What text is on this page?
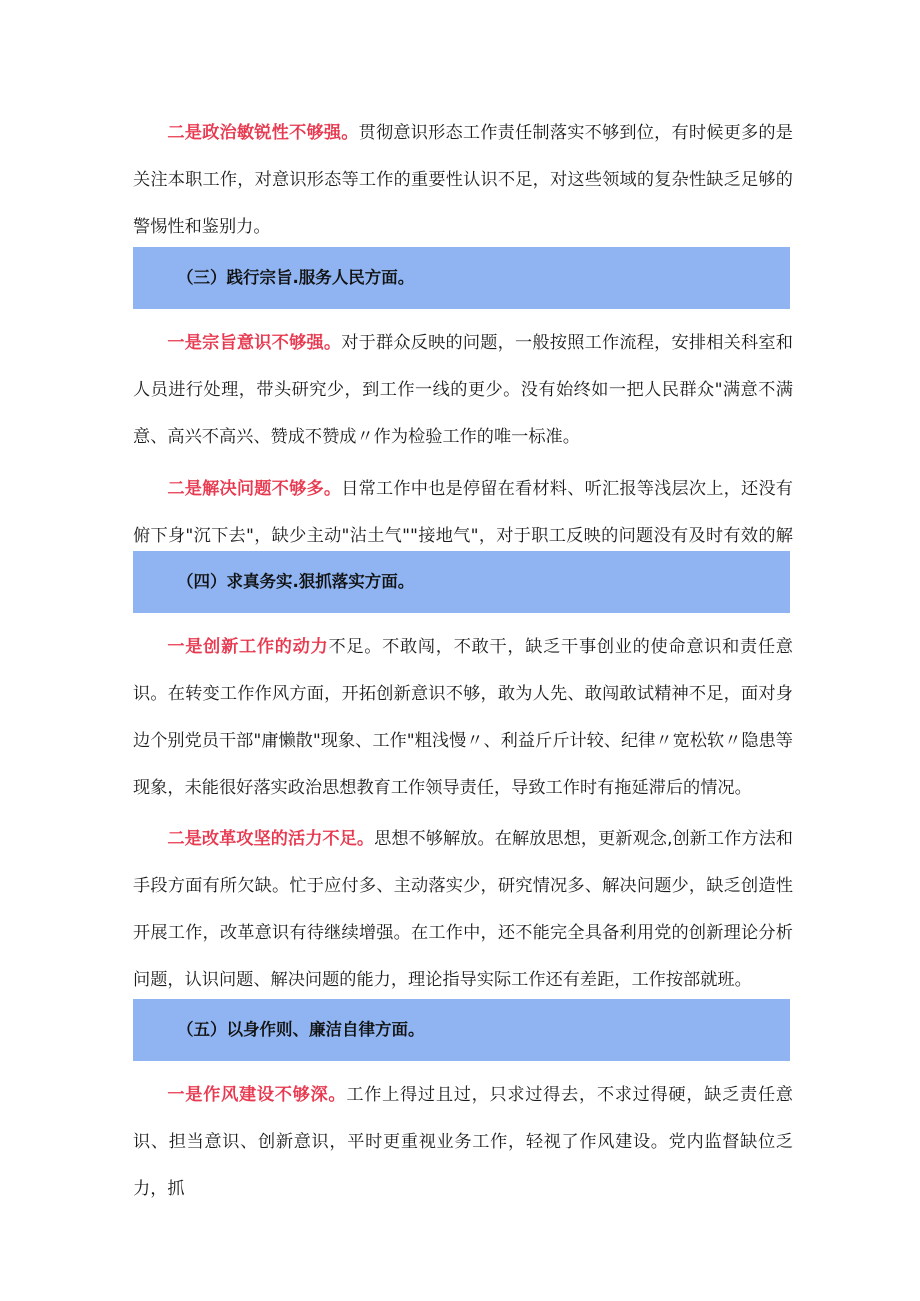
二是政治敏锐性不够强。贯彻意识形态工作责任制落实不够到位，有时候更多的是关注本职工作，对意识形态等工作的重要性认识不足，对这些领域的复杂性缺乏足够的警惕性和鉴别力。

（三）践行宗旨.服务人民方面。

一是宗旨意识不够强。对于群众反映的问题，一般按照工作流程，安排相关科室和人员进行处理，带头研究少，到工作一线的更少。没有始终如一把人民群众"满意不满意、高兴不高兴、赞成不赞成〃作为检验工作的唯一标准。

二是解决问题不够多。日常工作中也是停留在看材料、听汇报等浅层次上，还没有俯下身"沉下去"，缺少主动"沾土气""接地气"，对于职工反映的问题没有及时有效的解

（四）求真务实.狠抓落实方面。

一是创新工作的动力不足。不敢闯，不敢干，缺乏干事创业的使命意识和责任意识。在转变工作作风方面，开拓创新意识不够，敢为人先、敢闯敢试精神不足，面对身边个别党员干部"庸懒散"现象、工作"粗浅慢〃、利益斤斤计较、纪律〃宽松软〃隐患等现象，未能很好落实政治思想教育工作领导责任，导致工作时有拖延滞后的情况。

二是改革攻坚的活力不足。思想不够解放。在解放思想，更新观念,创新工作方法和手段方面有所欠缺。忙于应付多、主动落实少，研究情况多、解决问题少，缺乏创造性开展工作，改革意识有待继续增强。在工作中，还不能完全具备利用党的创新理论分析问题，认识问题、解决问题的能力，理论指导实际工作还有差距，工作按部就班。

（五）以身作则、廉洁自律方面。

一是作风建设不够深。工作上得过且过，只求过得去，不求过得硬，缺乏责任意识、担当意识、创新意识，平时更重视业务工作，轻视了作风建设。党内监督缺位乏力，抓
